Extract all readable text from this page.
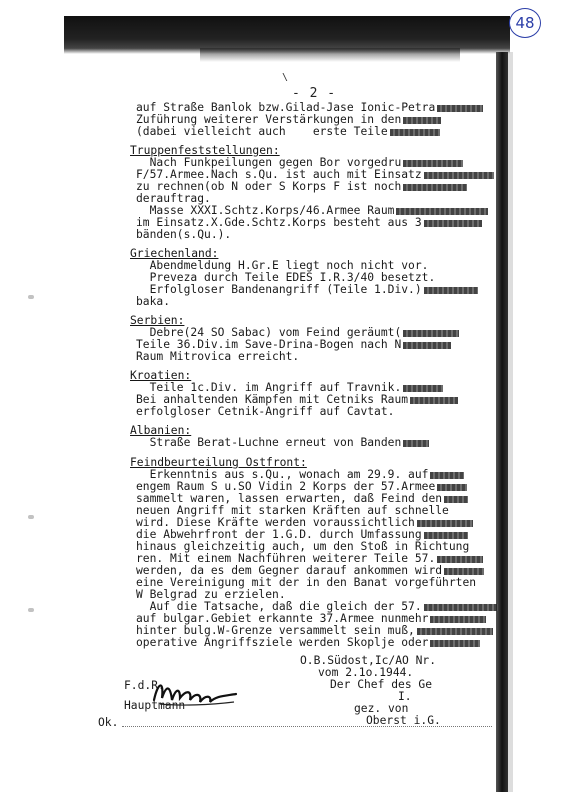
48
\
- 2 -
auf Straße Banlok bzw.Gilad-Jase Ionic-Petra
Zuführung weiterer Verstärkungen in den
(dabei vielleicht auch    erste Teile
Truppenfeststellungen:
Nach Funkpeilungen gegen Bor vorgedru
F/57.Armee.Nach s.Qu. ist auch mit Einsatz
zu rechnen(ob N oder S Korps F ist noch
derauftrag.
Masse XXXI.Schtz.Korps/46.Armee Raum
im Einsatz.X.Gde.Schtz.Korps besteht aus 3
bänden(s.Qu.).
Griechenland:
Abendmeldung H.Gr.E liegt noch nicht vor.
Preveza durch Teile EDES I.R.3/40 besetzt.
Erfolgloser Bandenangriff (Teile 1.Div.)
baka.
Serbien:
Debre(24 SO Sabac) vom Feind geräumt(
Teile 36.Div.im Save-Drina-Bogen nach N
Raum Mitrovica erreicht.
Kroatien:
Teile 1c.Div. im Angriff auf Travnik.
Bei anhaltenden Kämpfen mit Cetniks Raum
erfolgloser Cetnik-Angriff auf Cavtat.
Albanien:
Straße Berat-Luchne erneut von Banden
Feindbeurteilung Ostfront:
Erkenntnis aus s.Qu., wonach am 29.9. auf
engem Raum S u.SO Vidin 2 Korps der 57.Armee
sammelt waren, lassen erwarten, daß Feind den
neuen Angriff mit starken Kräften auf schnelle
wird. Diese Kräfte werden voraussichtlich
die Abwehrfront der 1.G.D. durch Umfassung
hinaus gleichzeitig auch, um den Stoß in Richtung
ren. Mit einem Nachführen weiterer Teile 57.
werden, da es dem Gegner darauf ankommen wird
eine Vereinigung mit der in den Banat vorgeführten
W Belgrad zu erzielen.
Auf die Tatsache, daß die gleich der 57.
auf bulgar.Gebiet erkannte 37.Armee nunmehr
hinter bulg.W-Grenze versammelt sein muß,
operative Angriffsziele werden Skoplje oder
O.B.Südost,Ic/AO Nr.
vom 2.1o.1944.
Der Chef des Ge
I.
gez. von
Oberst i.G.
F.d.R.
Hauptmann
Ok.
